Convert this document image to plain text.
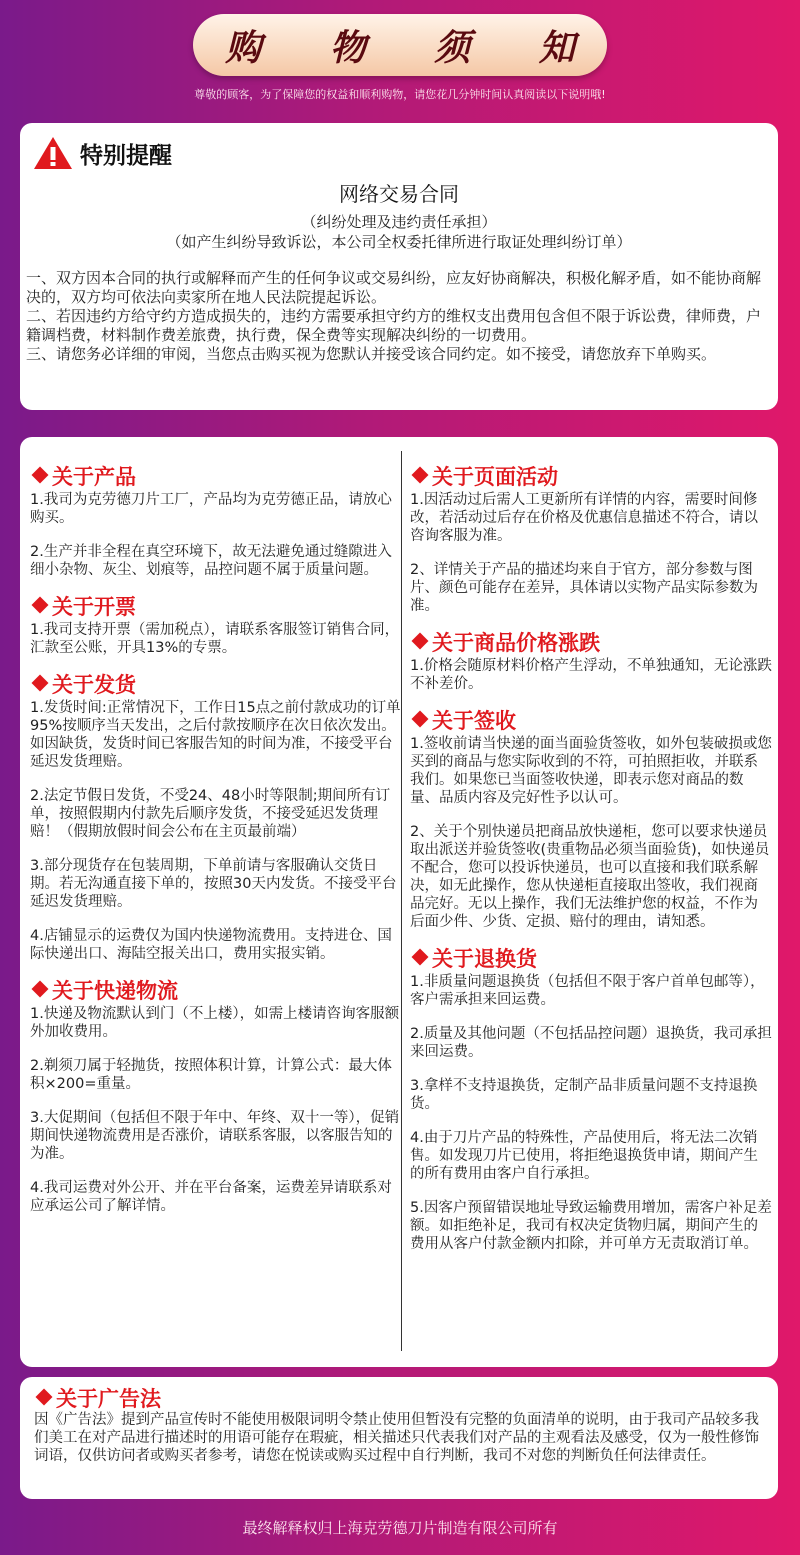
购 物 须 知
尊敬的顾客，为了保障您的权益和顺利购物，请您花几分钟时间认真阅读以下说明哦!
特别提醒
网络交易合同
（纠纷处理及违约责任承担）
（如产生纠纷导致诉讼，本公司全权委托律所进行取证处理纠纷订单）

一、双方因本合同的执行或解释而产生的任何争议或交易纠纷，应友好协商解决，积极化解矛盾，如不能协商解决的，双方均可依法向卖家所在地人民法院提起诉讼。

二、若因违约方给守约方造成损失的，违约方需要承担守约方的维权支出费用包含但不限于诉讼费，律师费，户籍调档费，材料制作费差旅费，执行费，保全费等实现解决纠纷的一切费用。

三、请您务必详细的审阅，当您点击购买视为您默认并接受该合同约定。如不接受，请您放弃下单购买。

关于产品
1.我司为克劳德刀片工厂，产品均为克劳德正品，请放心购买。
2.生产并非全程在真空环境下，故无法避免通过缝隙进入细小杂物、灰尘、划痕等，品控问题不属于质量问题。
关于开票
1.我司支持开票（需加税点），请联系客服签订销售合同，汇款至公账，开具13%的专票。
关于发货
1.发货时间:正常情况下，工作日15点之前付款成功的订单95%按顺序当天发出，之后付款按顺序在次日依次发出。如因缺货，发货时间已客服告知的时间为准，不接受平台延迟发货理赔。
2.法定节假日发货，不受24、48小时等限制;期间所有订单，按照假期内付款先后顺序发货，不接受延迟发货理赔！（假期放假时间会公布在主页最前端）
3.部分现货存在包装周期，下单前请与客服确认交货日期。若无沟通直接下单的，按照30天内发货。不接受平台延迟发货理赔。
4.店铺显示的运费仅为国内快递物流费用。支持进仓、国际快递出口、海陆空报关出口，费用实报实销。
关于快递物流
1.快递及物流默认到门（不上楼），如需上楼请咨询客服额外加收费用。
2.剃须刀属于轻抛货，按照体积计算，计算公式：最大体积×200=重量。
3.大促期间（包括但不限于年中、年终、双十一等），促销期间快递物流费用是否涨价，请联系客服，以客服告知的为准。
4.我司运费对外公开、并在平台备案，运费差异请联系对应承运公司了解详情。
关于页面活动
1.因活动过后需人工更新所有详情的内容，需要时间修改，若活动过后存在价格及优惠信息描述不符合，请以咨询客服为准。
2、详情关于产品的描述均来自于官方，部分参数与图片、颜色可能存在差异，具体请以实物产品实际参数为准。
关于商品价格涨跌
1.价格会随原材料价格产生浮动，不单独通知，无论涨跌不补差价。
关于签收
1.签收前请当快递的面当面验货签收，如外包装破损或您买到的商品与您实际收到的不符，可拍照拒收，并联系我们。如果您已当面签收快递，即表示您对商品的数量、品质内容及完好性予以认可。
2、关于个别快递员把商品放快递柜，您可以要求快递员取出派送并验货签收(贵重物品必须当面验货)，如快递员不配合，您可以投诉快递员，也可以直接和我们联系解决，如无此操作，您从快递柜直接取出签收，我们视商品完好。无以上操作，我们无法维护您的权益，不作为后面少件、少货、定损、赔付的理由，请知悉。
关于退换货
1.非质量问题退换货（包括但不限于客户首单包邮等），客户需承担来回运费。
2.质量及其他问题（不包括品控问题）退换货，我司承担来回运费。
3.拿样不支持退换货，定制产品非质量问题不支持退换货。
4.由于刀片产品的特殊性，产品使用后，将无法二次销售。如发现刀片已使用，将拒绝退换货申请，期间产生的所有费用由客户自行承担。
5.因客户预留错误地址导致运输费用增加，需客户补足差额。如拒绝补足，我司有权决定货物归属，期间产生的费用从客户付款金额内扣除，并可单方无责取消订单。
关于广告法
因《广告法》提到产品宣传时不能使用极限词明令禁止使用但暂没有完整的负面清单的说明，由于我司产品较多我们美工在对产品进行描述时的用语可能存在瑕疵，相关描述只代表我们对产品的主观看法及感受，仅为一般性修饰词语，仅供访问者或购买者参考，请您在悦读或购买过程中自行判断，我司不对您的判断负任何法律责任。
最终解释权归上海克劳德刀片制造有限公司所有
